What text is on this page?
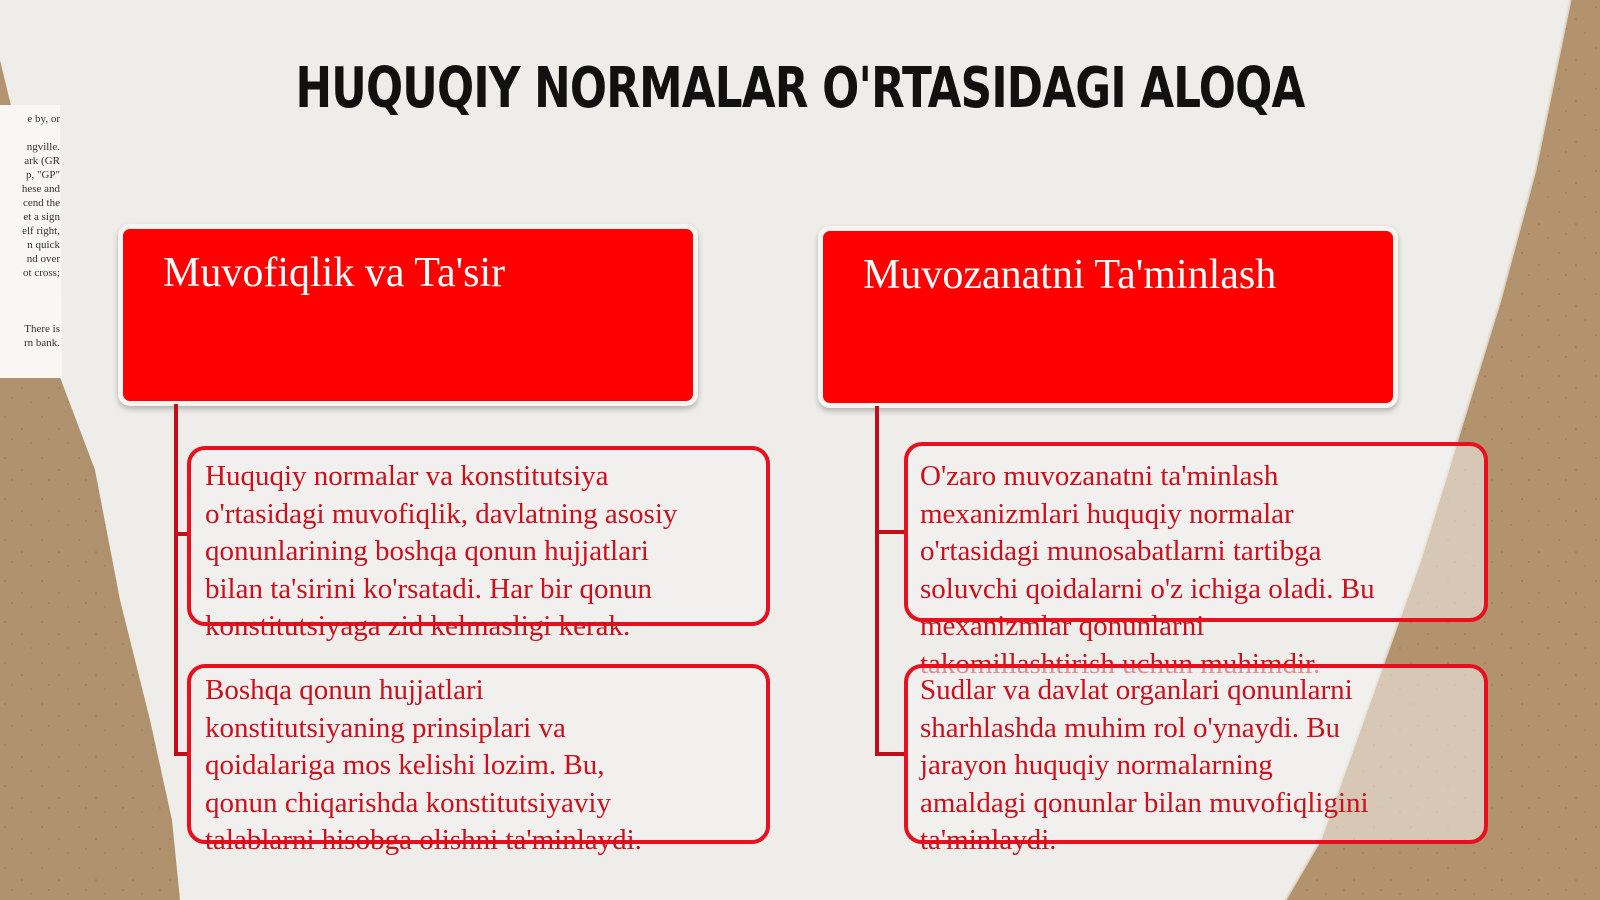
e by, or
ngville.
ark (GR
p, "GP"
hese and
cend the
et a sign
elf right,
n quick
nd over
ot cross;
There is
rn bank.
HUQUQIY NORMALAR O'RTASIDAGI ALOQA
Muvofiqlik va Ta'sir
Huquqiy normalar va konstitutsiya
o'rtasidagi muvofiqlik, davlatning asosiy
qonunlarining boshqa qonun hujjatlari
bilan ta'sirini ko'rsatadi. Har bir qonun
konstitutsiyaga zid kelmasligi kerak.
Boshqa qonun hujjatlari
konstitutsiyaning prinsiplari va
qoidalariga mos kelishi lozim. Bu,
qonun chiqarishda konstitutsiyaviy
talablarni hisobga olishni ta'minlaydi.
Muvozanatni Ta'minlash
O'zaro muvozanatni ta'minlash
mexanizmlari huquqiy normalar
o'rtasidagi munosabatlarni tartibga
soluvchi qoidalarni o'z ichiga oladi. Bu
mexanizmlar qonunlarni
Sudlar va davlat organlari qonunlarni
sharhlashda muhim rol o'ynaydi. Bu
jarayon huquqiy normalarning
amaldagi qonunlar bilan muvofiqligini
ta'minlaydi.
